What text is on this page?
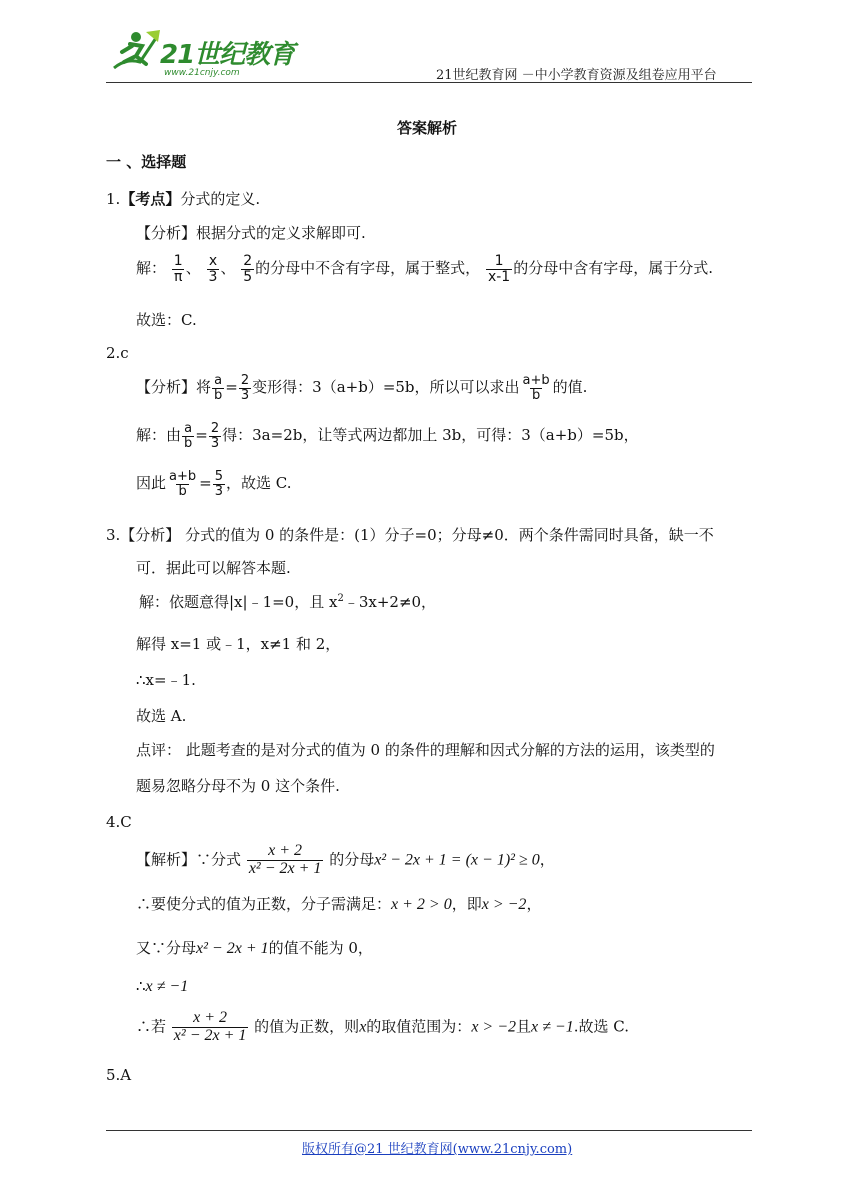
21世纪教育
www.21cnjy.com	21世纪教育网 －中小学教育资源及组卷应用平台
答案解析
一 、选择题
1.【考点】分式的定义.
【分析】根据分式的定义求解即可.
解： $\frac{1}{\pi}$ 、 $\frac{x}{3}$ 、 $\frac{2}{5}$ 的分母中不含有字母，属于整式， $\frac{1}{x-1}$ 的分母中含有字母，属于分式.
故选：C.
2.c
【分析】将 $\frac{a}{b} = \frac{2}{3}$ 变形得：3（a+b）=5b，所以可以求出 $\frac{a+b}{b}$ 的值.
解：由 $\frac{a}{b} = \frac{2}{3}$ 得：3a=2b，让等式两边都加上 3b，可得：3（a+b）=5b，
因此 $\frac{a+b}{b} = \frac{5}{3}$ ，故选 C.
3.【分析】 分式的值为 0 的条件是：(1）分子=0；分母≠0．两个条件需同时具备，缺一不
可．据此可以解答本题.
解：依题意得|x|﹣1=0，且 $x^2﹣3x+2\ne 0$，
解得 x=1 或﹣1，x≠1 和 2，
∴x=﹣1.
故选 A.
点评： 此题考查的是对分式的值为 0 的条件的理解和因式分解的方法的运用，该类型的
题易忽略分母不为 0 这个条件.
4.C
【解析】∵分式 $\frac{x + 2}{\text{x² − 2x + 1}}$ 的分母x² − 2x + 1 = (x − 1)² ≥ 0，
∴要使分式的值为正数，分子需满足：x + 2 > 0，即x > −2，
又∵分母x² − 2x + 1的值不能为 0，
∴x ≠ −1
∴若 $\frac{x + 2}{\text{x² − 2x + 1}}$ 的值为正数，则x的取值范围为：x > −2且x ≠ −1.故选 C.
5.A
版权所有@21 世纪教育网(www.21cnjy.com)
